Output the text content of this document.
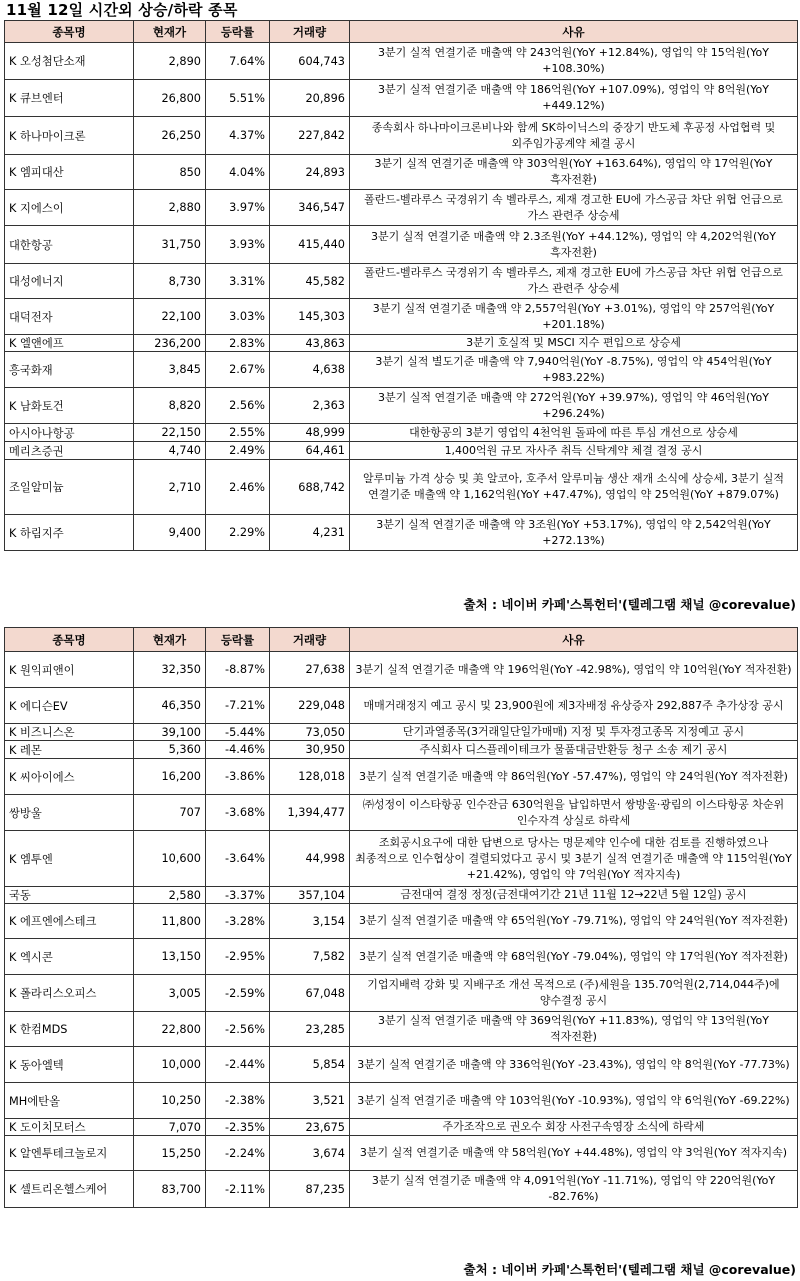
11월 12일 시간외 상승/하락 종목
종목명	현재가	등락률	거래량	사유
K 오성첨단소재	2,890	7.64%	604,743	3분기 실적 연결기준 매출액 약 243억원(YoY +12.84%), 영업익 약 15억원(YoY +108.30%)
K 큐브엔터	26,800	5.51%	20,896	3분기 실적 연결기준 매출액 약 186억원(YoY +107.09%), 영업익 약 8억원(YoY +449.12%)
K 하나마이크론	26,250	4.37%	227,842	종속회사 하나마이크론비나와 함께 SK하이닉스의 중장기 반도체 후공정 사업협력 및 외주임가공계약 체결 공시
K 엠피대산	850	4.04%	24,893	3분기 실적 연결기준 매출액 약 303억원(YoY +163.64%), 영업익 약 17억원(YoY 흑자전환)
K 지에스이	2,880	3.97%	346,547	폴란드-벨라루스 국경위기 속 벨라루스, 제재 경고한 EU에 가스공급 차단 위협 언급으로 가스 관련주 상승세
대한항공	31,750	3.93%	415,440	3분기 실적 연결기준 매출액 약 2.3조원(YoY +44.12%), 영업익 약 4,202억원(YoY 흑자전환)
대성에너지	8,730	3.31%	45,582	폴란드-벨라루스 국경위기 속 벨라루스, 제재 경고한 EU에 가스공급 차단 위협 언급으로 가스 관련주 상승세
대덕전자	22,100	3.03%	145,303	3분기 실적 연결기준 매출액 약 2,557억원(YoY +3.01%), 영업익 약 257억원(YoY +201.18%)
K 엘앤에프	236,200	2.83%	43,863	3분기 호실적 및 MSCI 지수 편입으로 상승세
흥국화재	3,845	2.67%	4,638	3분기 실적 별도기준 매출액 약 7,940억원(YoY -8.75%), 영업익 약 454억원(YoY +983.22%)
K 남화토건	8,820	2.56%	2,363	3분기 실적 연결기준 매출액 약 272억원(YoY +39.97%), 영업익 약 46억원(YoY +296.24%)
아시아나항공	22,150	2.55%	48,999	대한항공의 3분기 영업익 4천억원 돌파에 따른 투심 개선으로 상승세
메리츠증권	4,740	2.49%	64,461	1,400억원 규모 자사주 취득 신탁계약 체결 결정 공시
조일알미늄	2,710	2.46%	688,742	알루미늄 가격 상승 및 美 알코아, 호주서 알루미늄 생산 재개 소식에 상승세, 3분기 실적 연결기준 매출액 약 1,162억원(YoY +47.47%), 영업익 약 25억원(YoY +879.07%)
K 하림지주	9,400	2.29%	4,231	3분기 실적 연결기준 매출액 약 3조원(YoY +53.17%), 영업익 약 2,542억원(YoY +272.13%)
출처 : 네이버 카페'스톡헌터'(텔레그램 채널 @corevalue)
종목명	현재가	등락률	거래량	사유
K 원익피앤이	32,350	-8.87%	27,638	3분기 실적 연결기준 매출액 약 196억원(YoY -42.98%), 영업익 약 10억원(YoY 적자전환)
K 에디슨EV	46,350	-7.21%	229,048	매매거래정지 예고 공시 및 23,900원에 제3자배정 유상증자 292,887주 추가상장 공시
K 비즈니스온	39,100	-5.44%	73,050	단기과열종목(3거래일단일가매매) 지정 및 투자경고종목 지정예고 공시
K 레몬	5,360	-4.46%	30,950	주식회사 디스플레이테크가 물품대금반환등 청구 소송 제기 공시
K 씨아이에스	16,200	-3.86%	128,018	3분기 실적 연결기준 매출액 약 86억원(YoY -57.47%), 영업익 약 24억원(YoY 적자전환)
쌍방울	707	-3.68%	1,394,477	㈜성정이 이스타항공 인수잔금 630억원을 납입하면서 쌍방울·광림의 이스타항공 차순위 인수자격 상실로 하락세
K 엠투엔	10,600	-3.64%	44,998	조회공시요구에 대한 답변으로 당사는 명문제약 인수에 대한 검토를 진행하였으나 최종적으로 인수협상이 결렬되었다고 공시 및 3분기 실적 연결기준 매출액 약 115억원(YoY +21.42%), 영업익 약 7억원(YoY 적자지속)
국동	2,580	-3.37%	357,104	금전대여 결정 정정(금전대여기간 21년 11월 12→22년 5월 12일) 공시
K 에프엔에스테크	11,800	-3.28%	3,154	3분기 실적 연결기준 매출액 약 65억원(YoY -79.71%), 영업익 약 24억원(YoY 적자전환)
K 엑시콘	13,150	-2.95%	7,582	3분기 실적 연결기준 매출액 약 68억원(YoY -79.04%), 영업익 약 17억원(YoY 적자전환)
K 폴라리스오피스	3,005	-2.59%	67,048	기업지배력 강화 및 지배구조 개선 목적으로 (주)세원을 135.70억원(2,714,044주)에 양수결정 공시
K 한컴MDS	22,800	-2.56%	23,285	3분기 실적 연결기준 매출액 약 369억원(YoY +11.83%), 영업익 약 13억원(YoY 적자전환)
K 동아엘텍	10,000	-2.44%	5,854	3분기 실적 연결기준 매출액 약 336억원(YoY -23.43%), 영업익 약 8억원(YoY -77.73%)
MH에탄올	10,250	-2.38%	3,521	3분기 실적 연결기준 매출액 약 103억원(YoY -10.93%), 영업익 약 6억원(YoY -69.22%)
K 도이치모터스	7,070	-2.35%	23,675	주가조작으로 권오수 회장 사전구속영장 소식에 하락세
K 알엔투테크놀로지	15,250	-2.24%	3,674	3분기 실적 연결기준 매출액 약 58억원(YoY +44.48%), 영업익 약 3억원(YoY 적자지속)
K 셀트리온헬스케어	83,700	-2.11%	87,235	3분기 실적 연결기준 매출액 약 4,091억원(YoY -11.71%), 영업익 약 220억원(YoY -82.76%)
출처 : 네이버 카페'스톡헌터'(텔레그램 채널 @corevalue)
